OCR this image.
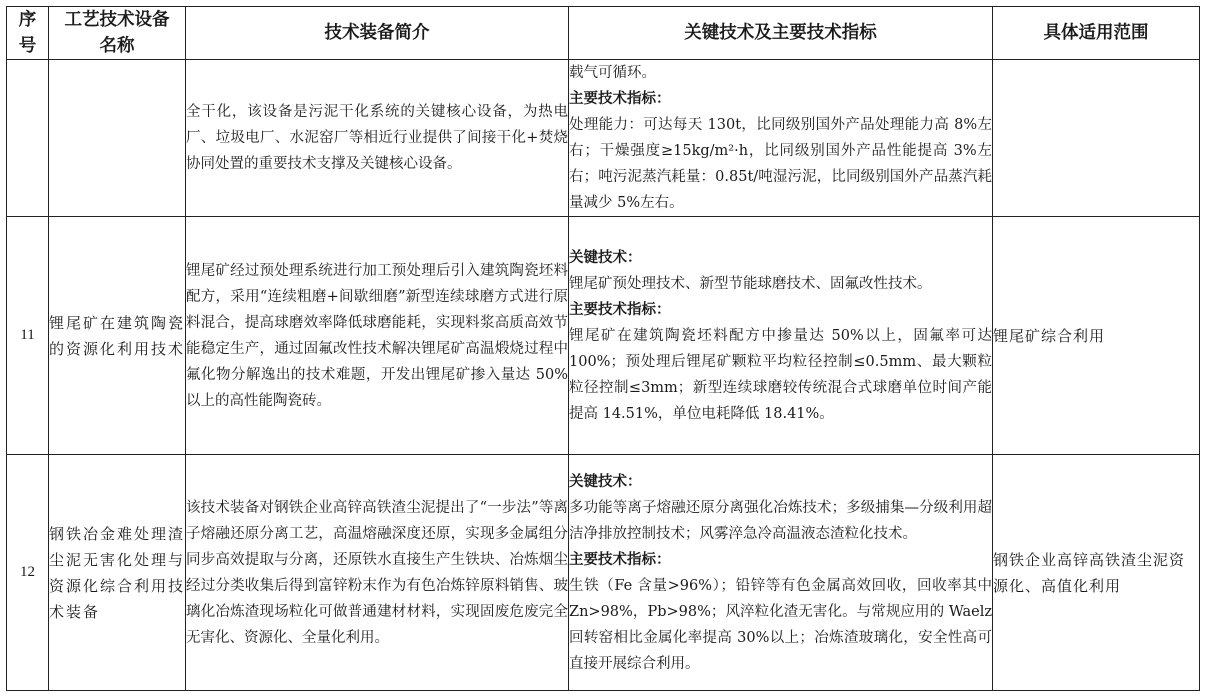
序号	工艺技术设备名称	技术装备简介	关键技术及主要技术指标	具体适用范围
		全干化，该设备是污泥干化系统的关键核心设备，为热电厂、垃圾电厂、水泥窑厂等相近行业提供了间接干化+焚烧协同处置的重要技术支撑及关键核心设备。	载气可循环。
主要技术指标：
处理能力：可达每天 130t，比同级别国外产品处理能力高 8%左右；干燥强度≥15kg/m²·h，比同级别国外产品性能提高 3%左右；吨污泥蒸汽耗量：0.85t/吨湿污泥，比同级别国外产品蒸汽耗量减少 5%左右。	

11	锂尾矿在建筑陶瓷的资源化利用技术	锂尾矿经过预处理系统进行加工预处理后引入建筑陶瓷坯料配方，采用“连续粗磨+间歇细磨”新型连续球磨方式进行原料混合，提高球磨效率降低球磨能耗，实现料浆高质高效节能稳定生产，通过固氟改性技术解决锂尾矿高温煅烧过程中氟化物分解逸出的技术难题，开发出锂尾矿掺入量达 50%以上的高性能陶瓷砖。	关键技术：
锂尾矿预处理技术、新型节能球磨技术、固氟改性技术。
主要技术指标：
锂尾矿在建筑陶瓷坯料配方中掺量达 50%以上，固氟率可达 100%；预处理后锂尾矿颗粒平均粒径控制≤0.5mm、最大颗粒粒径控制≤3mm；新型连续球磨较传统混合式球磨单位时间产能提高 14.51%，单位电耗降低 18.41%。	锂尾矿综合利用
12	钢铁冶金难处理渣尘泥无害化处理与资源化综合利用技术装备	该技术装备对钢铁企业高锌高铁渣尘泥提出了“一步法”等离子熔融还原分离工艺，高温熔融深度还原，实现多金属组分同步高效提取与分离，还原铁水直接生产生铁块、冶炼烟尘经过分类收集后得到富锌粉末作为有色冶炼锌原料销售、玻璃化冶炼渣现场粒化可做普通建材材料，实现固废危废完全无害化、资源化、全量化利用。	关键技术：
多功能等离子熔融还原分离强化冶炼技术；多级捕集—分级利用超洁净排放控制技术；风雾淬急冷高温液态渣粒化技术。
主要技术指标：
生铁（Fe 含量>96%）；铅锌等有色金属高效回收，回收率其中 Zn>98%，Pb>98%；风淬粒化渣无害化。与常规应用的 Waelz 回转窑相比金属化率提高 30%以上；冶炼渣玻璃化，安全性高可直接开展综合利用。	钢铁企业高锌高铁渣尘泥资源化、高值化利用
